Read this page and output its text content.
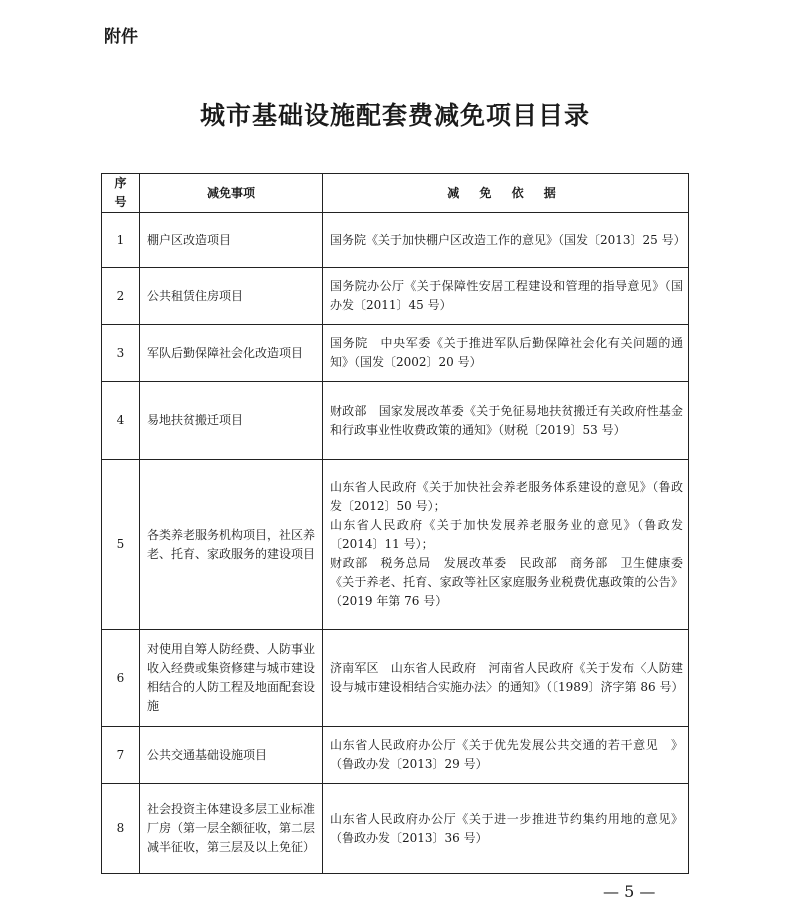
附件
城市基础设施配套费减免项目目录
序号	减免事项	减 免 依 据
1	棚户区改造项目	国务院《关于加快棚户区改造工作的意见》（国发〔2013〕25 号）

2	公共租赁住房项目	国务院办公厅《关于保障性安居工程建设和管理的指导意见》（国办发〔2011〕45 号）

3	军队后勤保障社会化改造项目	国务院　中央军委《关于推进军队后勤保障社会化有关问题的通知》（国发〔2002〕20 号）

4	易地扶贫搬迁项目	财政部　国家发展改革委《关于免征易地扶贫搬迁有关政府性基金和行政事业性收费政策的通知》（财税〔2019〕53 号）

5	各类养老服务机构项目，社区养老、托育、家政服务的建设项目	山东省人民政府《关于加快社会养老服务体系建设的意见》（鲁政发〔2012〕50 号）；
山东省人民政府《关于加快发展养老服务业的意见》（鲁政发〔2014〕11 号）；
财政部　税务总局　发展改革委　民政部　商务部　卫生健康委《关于养老、托育、家政等社区家庭服务业税费优惠政策的公告》（2019 年第 76 号）

6	对使用自筹人防经费、人防事业收入经费或集资修建与城市建设相结合的人防工程及地面配套设施	济南军区　山东省人民政府　河南省人民政府《关于发布〈人防建设与城市建设相结合实施办法〉的通知》（〔1989〕济字第 86 号）

7	公共交通基础设施项目	山东省人民政府办公厅《关于优先发展公共交通的若干意见　》（鲁政办发〔2013〕29 号）

8	社会投资主体建设多层工业标准厂房（第一层全额征收，第二层减半征收，第三层及以上免征）	山东省人民政府办公厅《关于进一步推进节约集约用地的意见》（鲁政办发〔2013〕36 号）
— 5 —
